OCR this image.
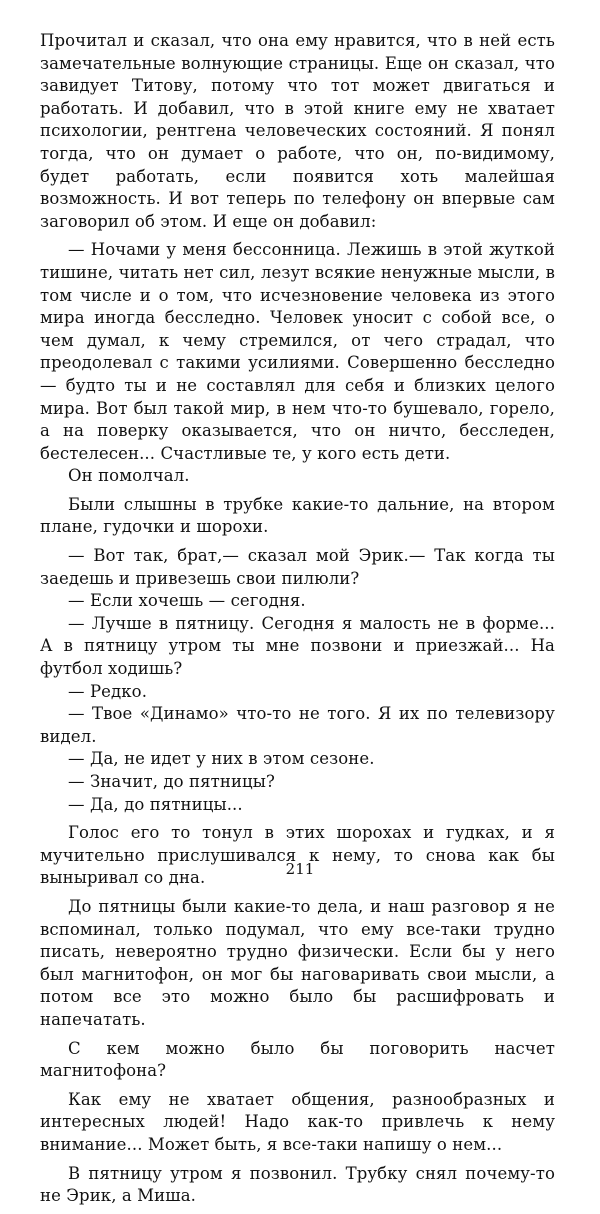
Прочитал и сказал, что она ему нравится, что в ней есть замечательные волнующие страницы. Еще он сказал, что завидует Титову, потому что тот может двигаться и работать. И добавил, что в этой книге ему не хватает психологии, рентгена человеческих состояний. Я понял тогда, что он думает о работе, что он, по-видимому, будет работать, если появится хоть малейшая возможность. И вот теперь по телефону он впервые сам заговорил об этом. И еще он добавил:

— Ночами у меня бессонница. Лежишь в этой жуткой тишине, читать нет сил, лезут всякие ненужные мысли, в том числе и о том, что исчезновение человека из этого мира иногда бесследно. Человек уносит с собой все, о чем думал, к чему стремился, от чего страдал, что преодолевал с такими усилиями. Совершенно бесследно — будто ты и не составлял для себя и близких целого мира. Вот был такой мир, в нем что-то бушевало, горело, а на поверку оказывается, что он ничто, бесследен, бестелесен... Счастливые те, у кого есть дети.

Он помолчал.

Были слышны в трубке какие-то дальние, на втором плане, гудочки и шорохи.

— Вот так, брат,— сказал мой Эрик.— Так когда ты заедешь и привезешь свои пилюли?

— Если хочешь — сегодня.

— Лучше в пятницу. Сегодня я малость не в форме... А в пятницу утром ты мне позвони и приезжай... На футбол ходишь?

— Редко.

— Твое «Динамо» что-то не того. Я их по телевизору видел.

— Да, не идет у них в этом сезоне.

— Значит, до пятницы?

— Да, до пятницы...

Голос его то тонул в этих шорохах и гудках, и я мучительно прислушивался к нему, то снова как бы выныривал со дна.

До пятницы были какие-то дела, и наш разговор я не вспоминал, только подумал, что ему все-таки трудно писать, невероятно трудно физически. Если бы у него был магнитофон, он мог бы наговаривать свои мысли, а потом все это можно было бы расшифровать и напечатать.

С кем можно было бы поговорить насчет магнитофона?

Как ему не хватает общения, разнообразных и интересных людей! Надо как-то привлечь к нему внимание... Может быть, я все-таки напишу о нем...

В пятницу утром я позвонил. Трубку снял почему-то не Эрик, а Миша.

211
